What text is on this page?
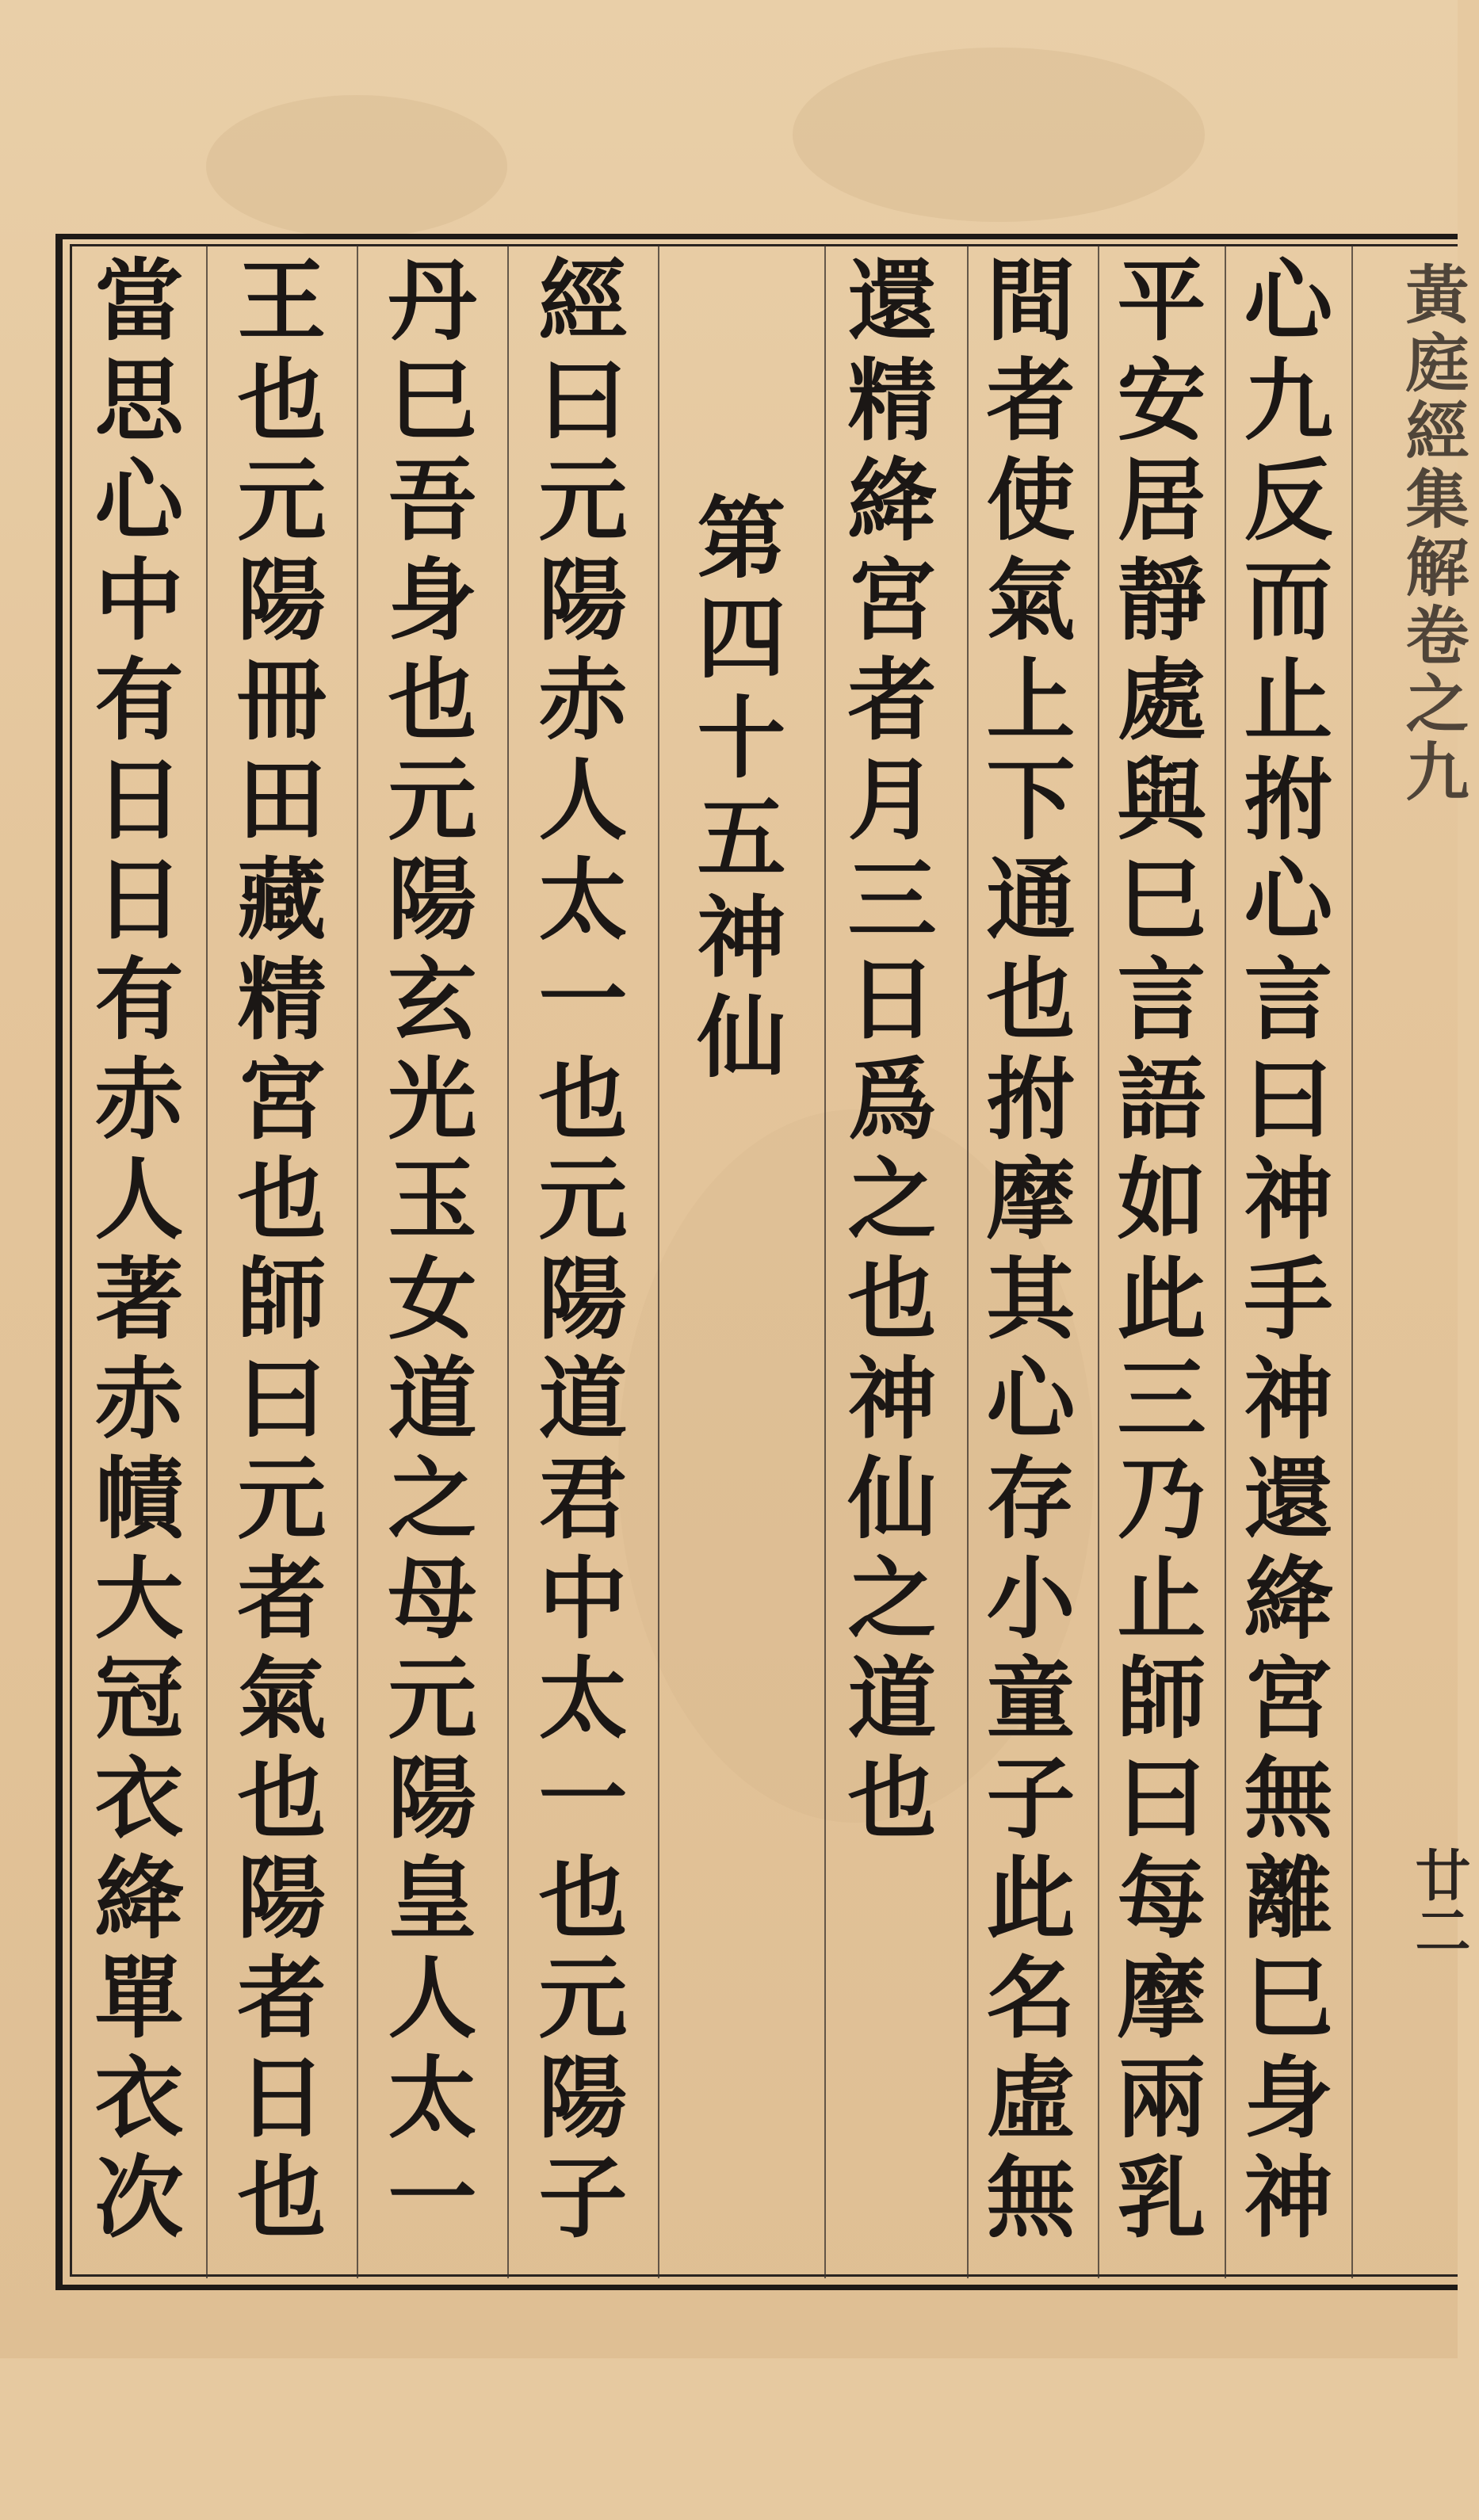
黃庭經集解卷之九
廿二
心九反而止拊心言曰神手神還絳宮無離巳身神
平安居靜處與巳言語如此三乃止師曰每摩兩乳
間者使氣上下通也拊摩其心存小童子此名虛無
還精絳宮者月三日爲之也神仙之道也
第四十五神仙
經曰元陽赤人太一也元陽道君中太一也元陽子
丹巳吾身也元陽玄光玉女道之母元陽皇人太一
王也元陽冊田藏精宮也師曰元者氣也陽者日也
當思心中有日日有赤人著赤幘大冠衣絳單衣次
